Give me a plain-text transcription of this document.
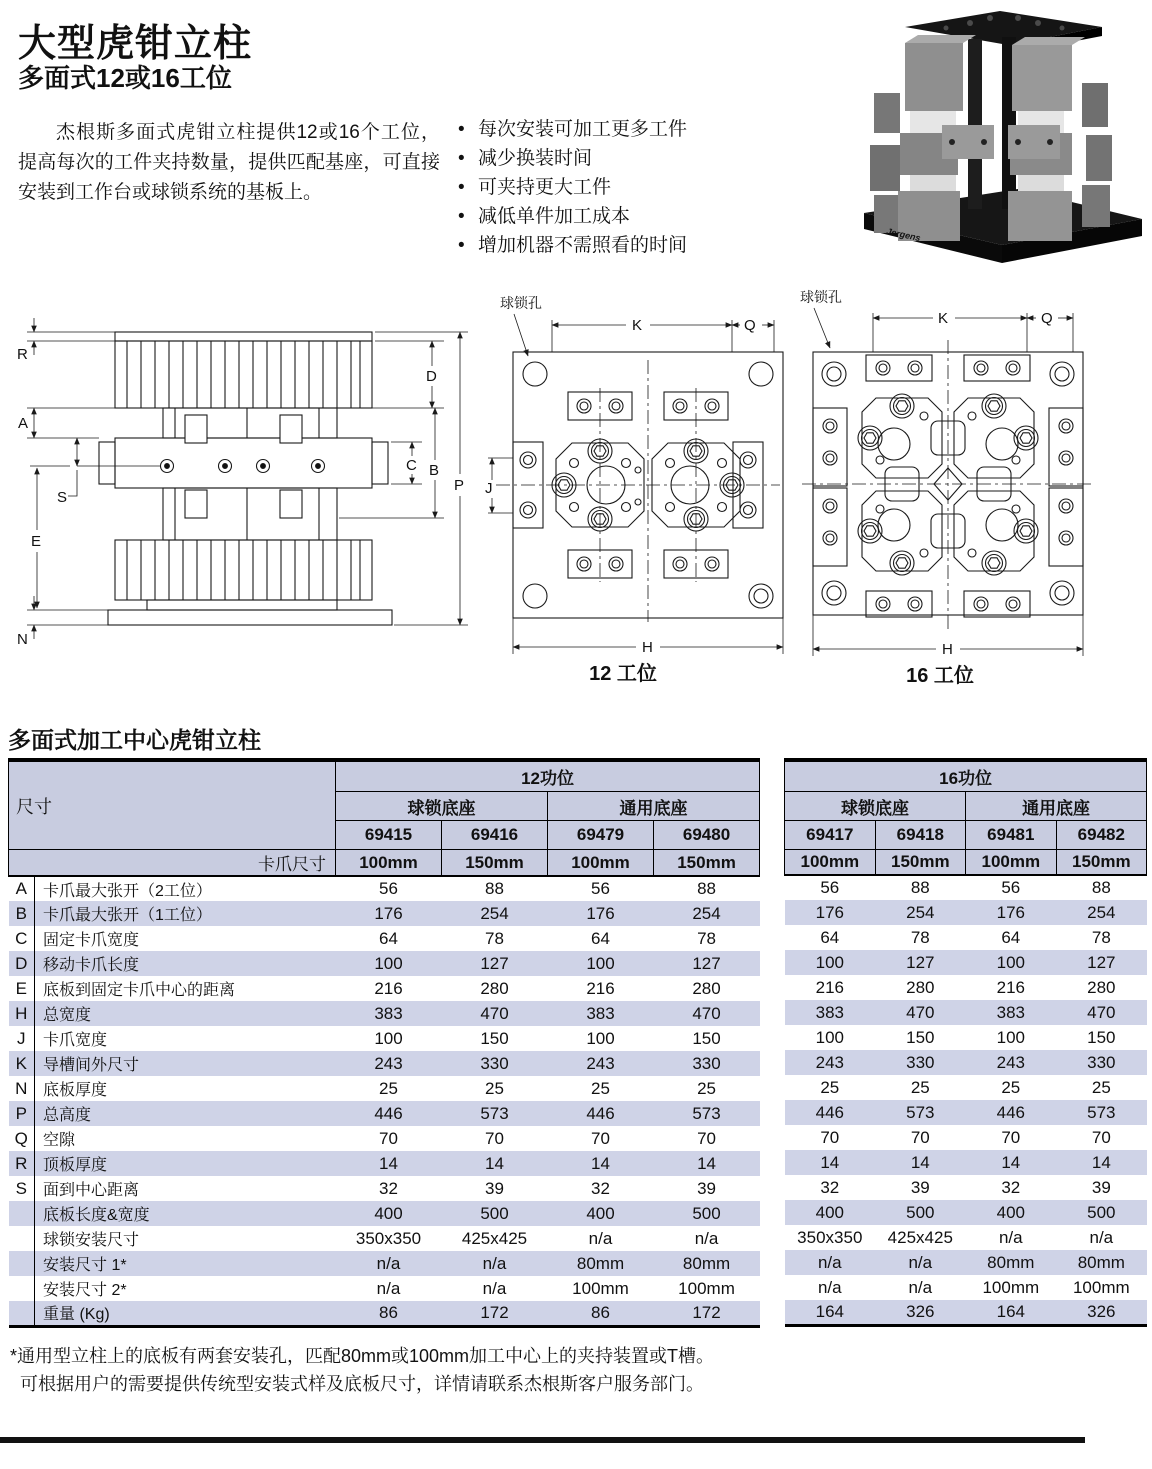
大型虎钳立柱
多面式12或16工位
杰根斯多面式虎钳立柱提供12或16个工位，提高每次的工件夹持数量，提供匹配基座，可直接安装到工作台或球锁系统的基板上。
• 每次安装可加工更多工件
• 减少换装时间
• 可夹持更大工件
• 减低单件加工成本
• 增加机器不需照看的时间
Jergens
R
A
S
E
N
D
C B
P
球锁孔
K	Q
J
H
12 工位
球锁孔
K	Q
H
16 工位
多面式加工中心虎钳立柱
尺寸		12功位			
		球锁底座		通用底座	
		69415	69416	69479	69480
卡爪尺寸		100mm	150mm	100mm	150mm
A	卡爪最大张开（2工位）	56	88	56	88
B	卡爪最大张开（1工位）	176	254	176	254
C	固定卡爪宽度	64	78	64	78
D	移动卡爪长度	100	127	100	127
E	底板到固定卡爪中心的距离	216	280	216	280
H	总宽度	383	470	383	470
J	卡爪宽度	100	150	100	150
K	导槽间外尺寸	243	330	243	330
N	底板厚度	25	25	25	25
P	总高度	446	573	446	573
Q	空隙	70	70	70	70
R	顶板厚度	14	14	14	14
S	面到中心距离	32	39	32	39
	底板长度&宽度	400	500	400	500
	球锁安装尺寸	350x350	425x425	n/a	n/a
	安装尺寸 1*	n/a	n/a	80mm	80mm
	安装尺寸 2*	n/a	n/a	100mm	100mm
	重量 (Kg)	86	172	86	172
16功位			
球锁底座		通用底座	
69417	69418	69481	69482
100mm	150mm	100mm	150mm
56	88	56	88
176	254	176	254
64	78	64	78
100	127	100	127
216	280	216	280
383	470	383	470
100	150	100	150
243	330	243	330
25	25	25	25
446	573	446	573
70	70	70	70
14	14	14	14
32	39	32	39
400	500	400	500
350x350	425x425	n/a	n/a
n/a	n/a	80mm	80mm
n/a	n/a	100mm	100mm
164	326	164	326
*通用型立柱上的底板有两套安装孔，匹配80mm或100mm加工中心上的夹持装置或T槽。
可根据用户的需要提供传统型安装式样及底板尺寸，详情请联系杰根斯客户服务部门。
